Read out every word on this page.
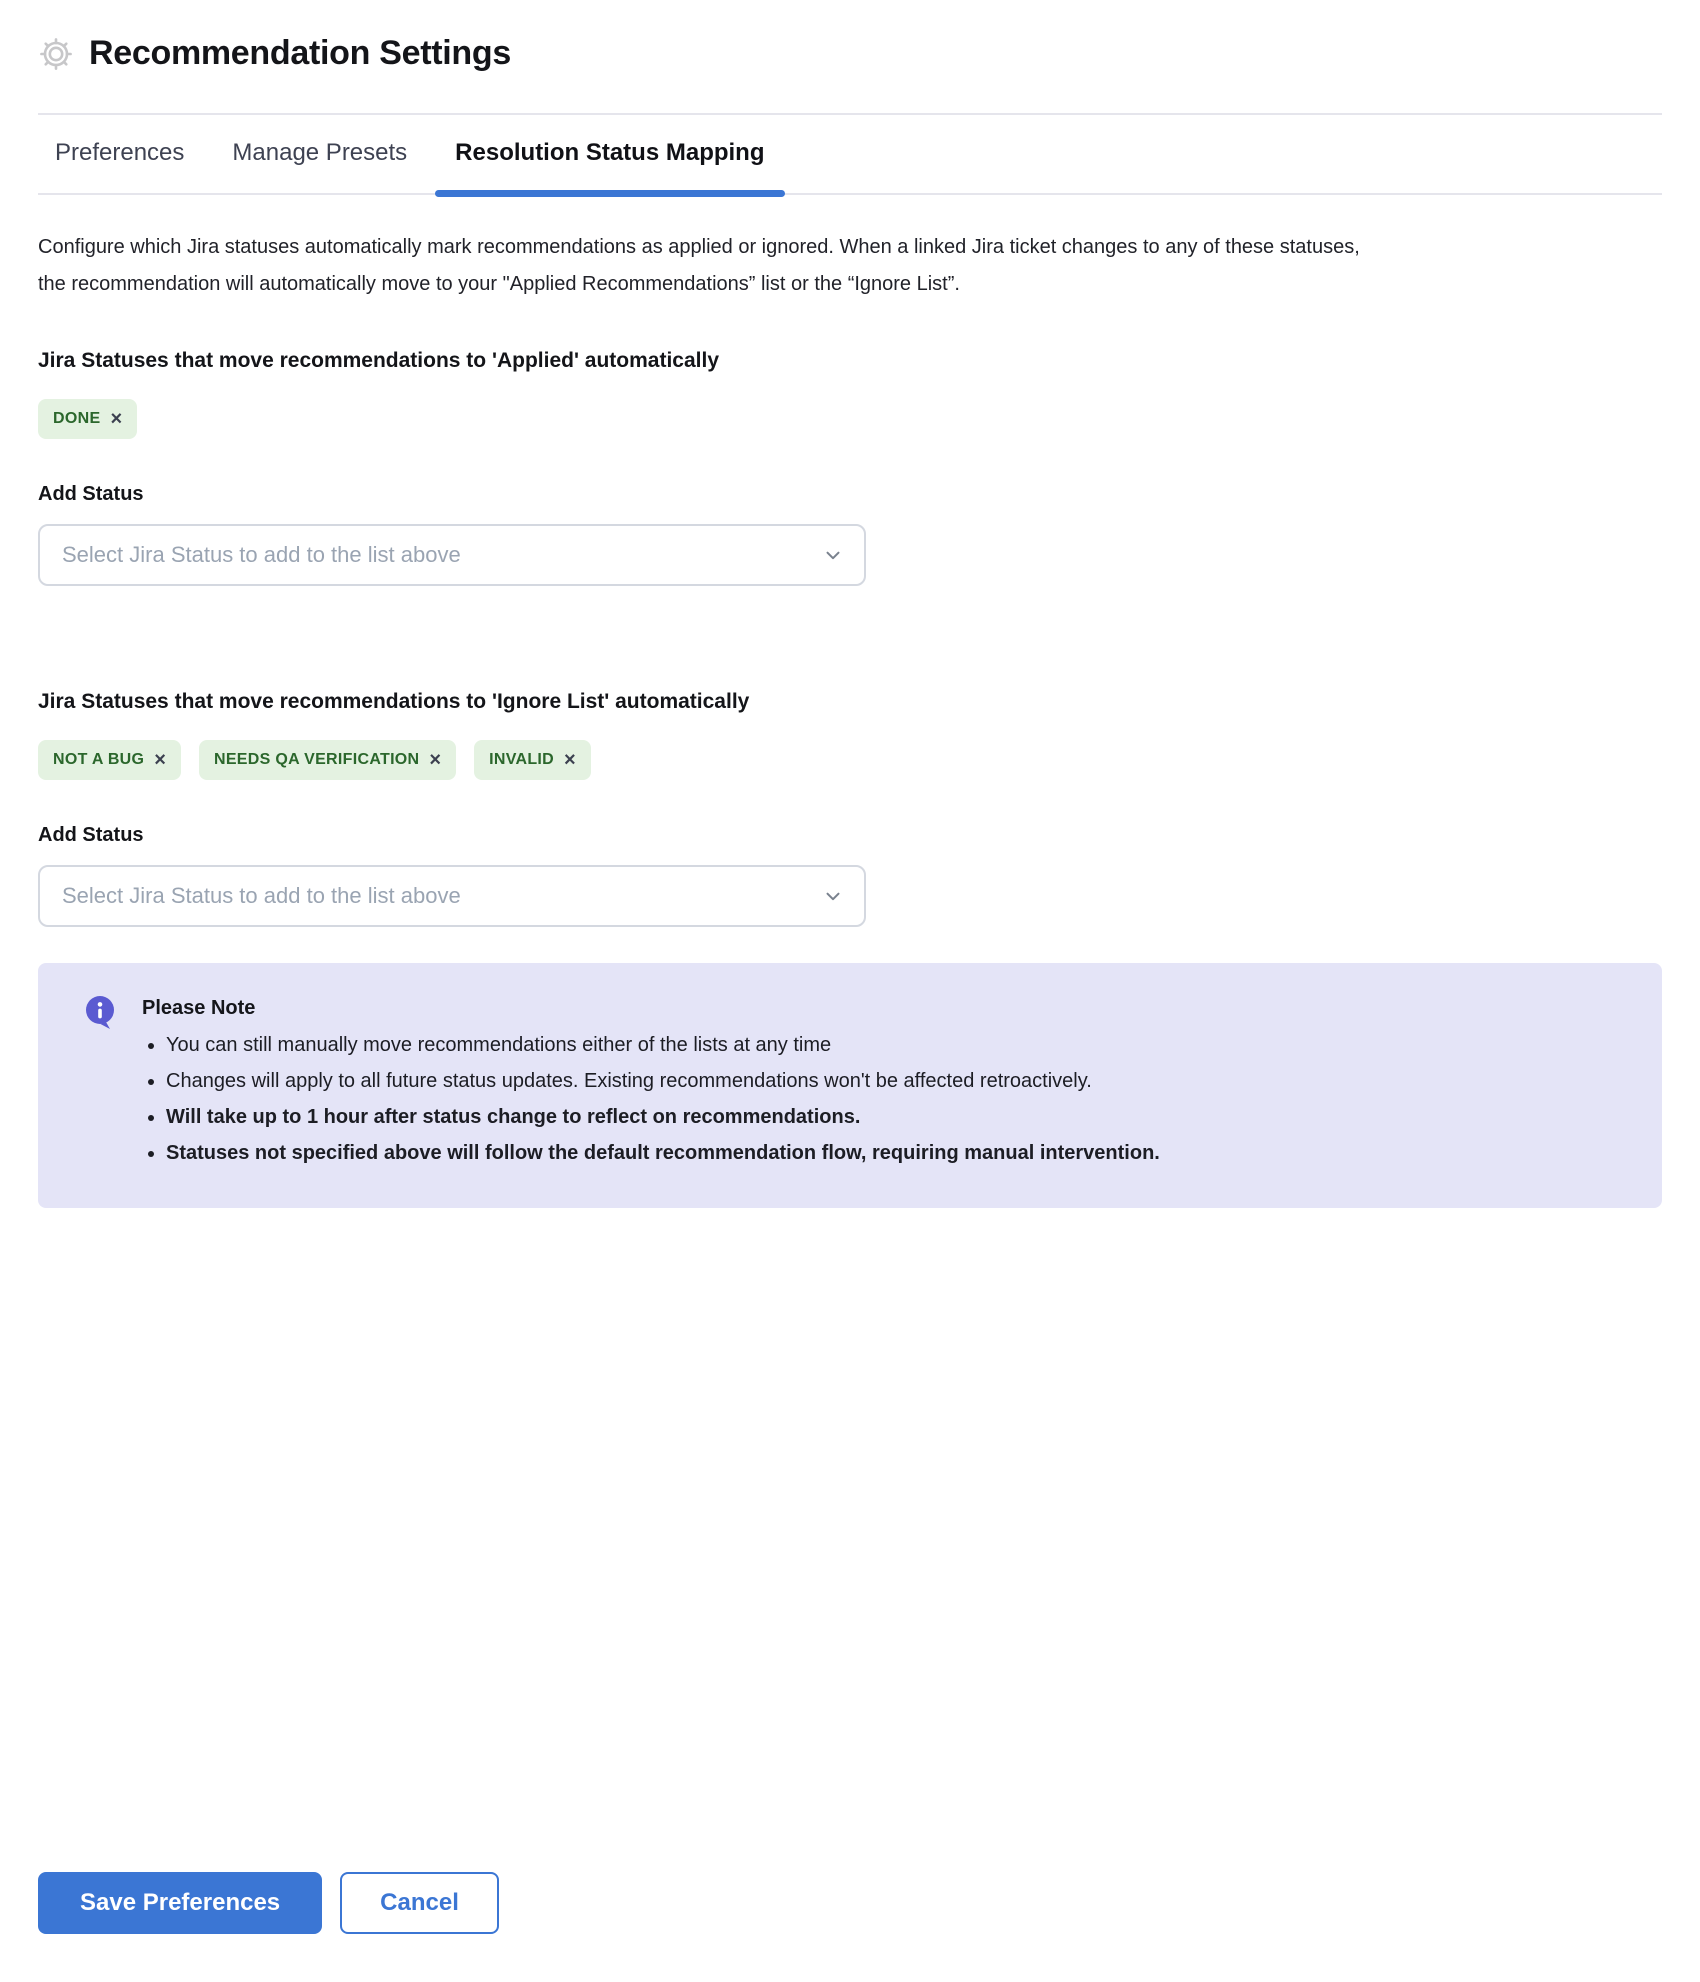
Recommendation Settings
Preferences Manage Presets Resolution Status Mapping

Configure which Jira statuses automatically mark recommendations as applied or ignored. When a linked Jira ticket changes to any of these statuses, the recommendation will automatically move to your "Applied Recommendations” list or the “Ignore List”.

Jira Statuses that move recommendations to 'Applied' automatically
DONE ×
Add Status
Select Jira Status to add to the list above
Jira Statuses that move recommendations to 'Ignore List' automatically
NOT A BUG ×	NEEDS QA VERIFICATION ×	INVALID ×
Add Status
Select Jira Status to add to the list above
Please Note
• You can still manually move recommendations either of the lists at any time
• Changes will apply to all future status updates. Existing recommendations won't be affected retroactively.
• Will take up to 1 hour after status change to reflect on recommendations.
• Statuses not specified above will follow the default recommendation flow, requiring manual intervention.
Save Preferences	Cancel
